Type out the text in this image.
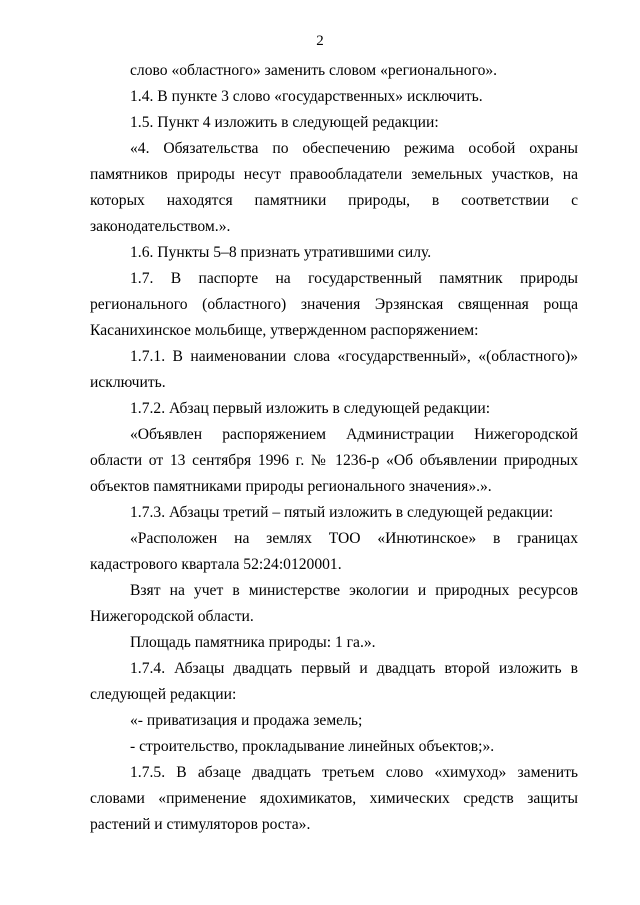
2

слово «областного» заменить словом «регионального».

1.4. В пункте 3 слово «государственных» исключить.

1.5. Пункт 4 изложить в следующей редакции:

«4. Обязательства по обеспечению режима особой охраны памятников природы несут правообладатели земельных участков, на которых находятся памятники природы, в соответствии с законодательством.».

1.6. Пункты 5–8 признать утратившими силу.

1.7. В паспорте на государственный памятник природы регионального (областного) значения Эрзянская священная роща Касанихинское мольбище, утвержденном распоряжением:

1.7.1. В наименовании слова «государственный», «(областного)» исключить.

1.7.2. Абзац первый изложить в следующей редакции:

«Объявлен распоряжением Администрации Нижегородской области от 13 сентября 1996 г. № 1236-р «Об объявлении природных объектов памятниками природы регионального значения».».

1.7.3. Абзацы третий – пятый изложить в следующей редакции:

«Расположен на землях ТОО «Инютинское» в границах кадастрового квартала 52:24:0120001.

Взят на учет в министерстве экологии и природных ресурсов Нижегородской области.

Площадь памятника природы: 1 га.».

1.7.4. Абзацы двадцать первый и двадцать второй изложить в следующей редакции:

«- приватизация и продажа земель;

- строительство, прокладывание линейных объектов;».

1.7.5. В абзаце двадцать третьем слово «химуход» заменить словами «применение ядохимикатов, химических средств защиты растений и стимуляторов роста».
